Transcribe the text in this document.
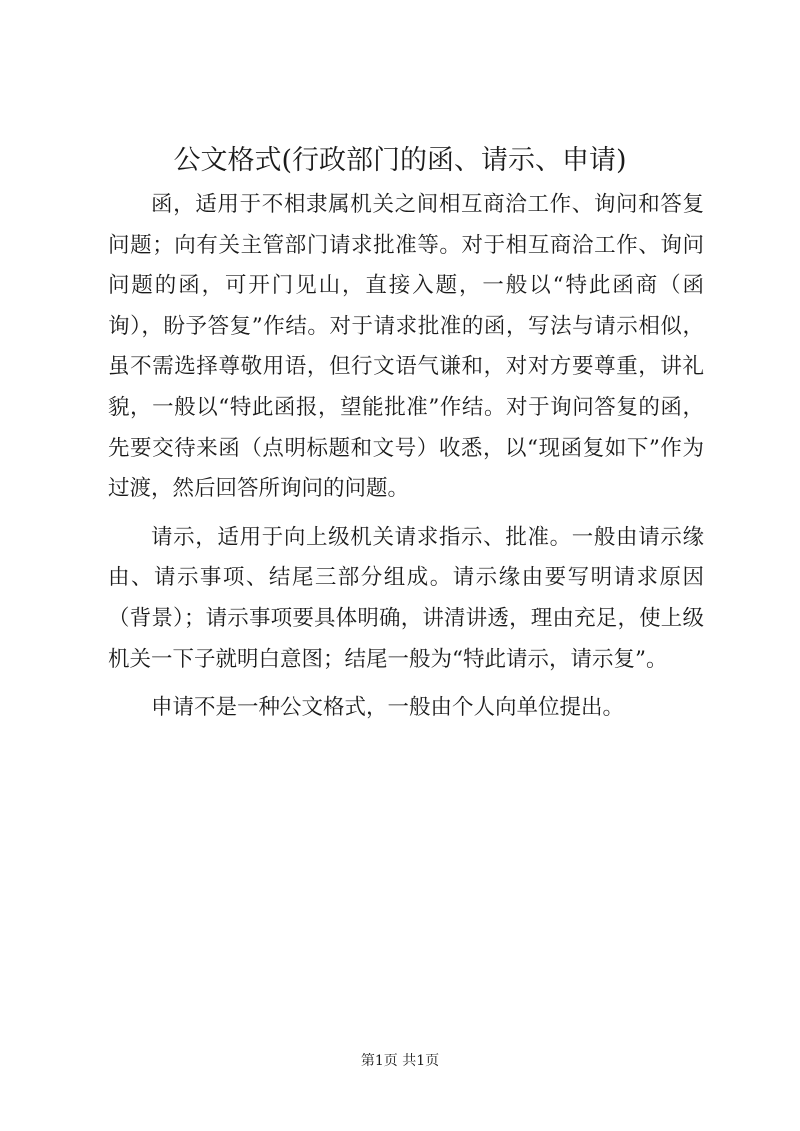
公文格式(行政部门的函、请示、申请)

函，适用于不相隶属机关之间相互商洽工作、询问和答复问题；向有关主管部门请求批准等。对于相互商洽工作、询问问题的函，可开门见山，直接入题，一般以“特此函商（函询），盼予答复”作结。对于请求批准的函，写法与请示相似，虽不需选择尊敬用语，但行文语气谦和，对对方要尊重，讲礼貌，一般以“特此函报，望能批准”作结。对于询问答复的函，先要交待来函（点明标题和文号）收悉，以“现函复如下”作为过渡，然后回答所询问的问题。

请示，适用于向上级机关请求指示、批准。一般由请示缘由、请示事项、结尾三部分组成。请示缘由要写明请求原因（背景）；请示事项要具体明确，讲清讲透，理由充足，使上级机关一下子就明白意图；结尾一般为“特此请示，请示复”。

申请不是一种公文格式，一般由个人向单位提出。

第1页 共1页
